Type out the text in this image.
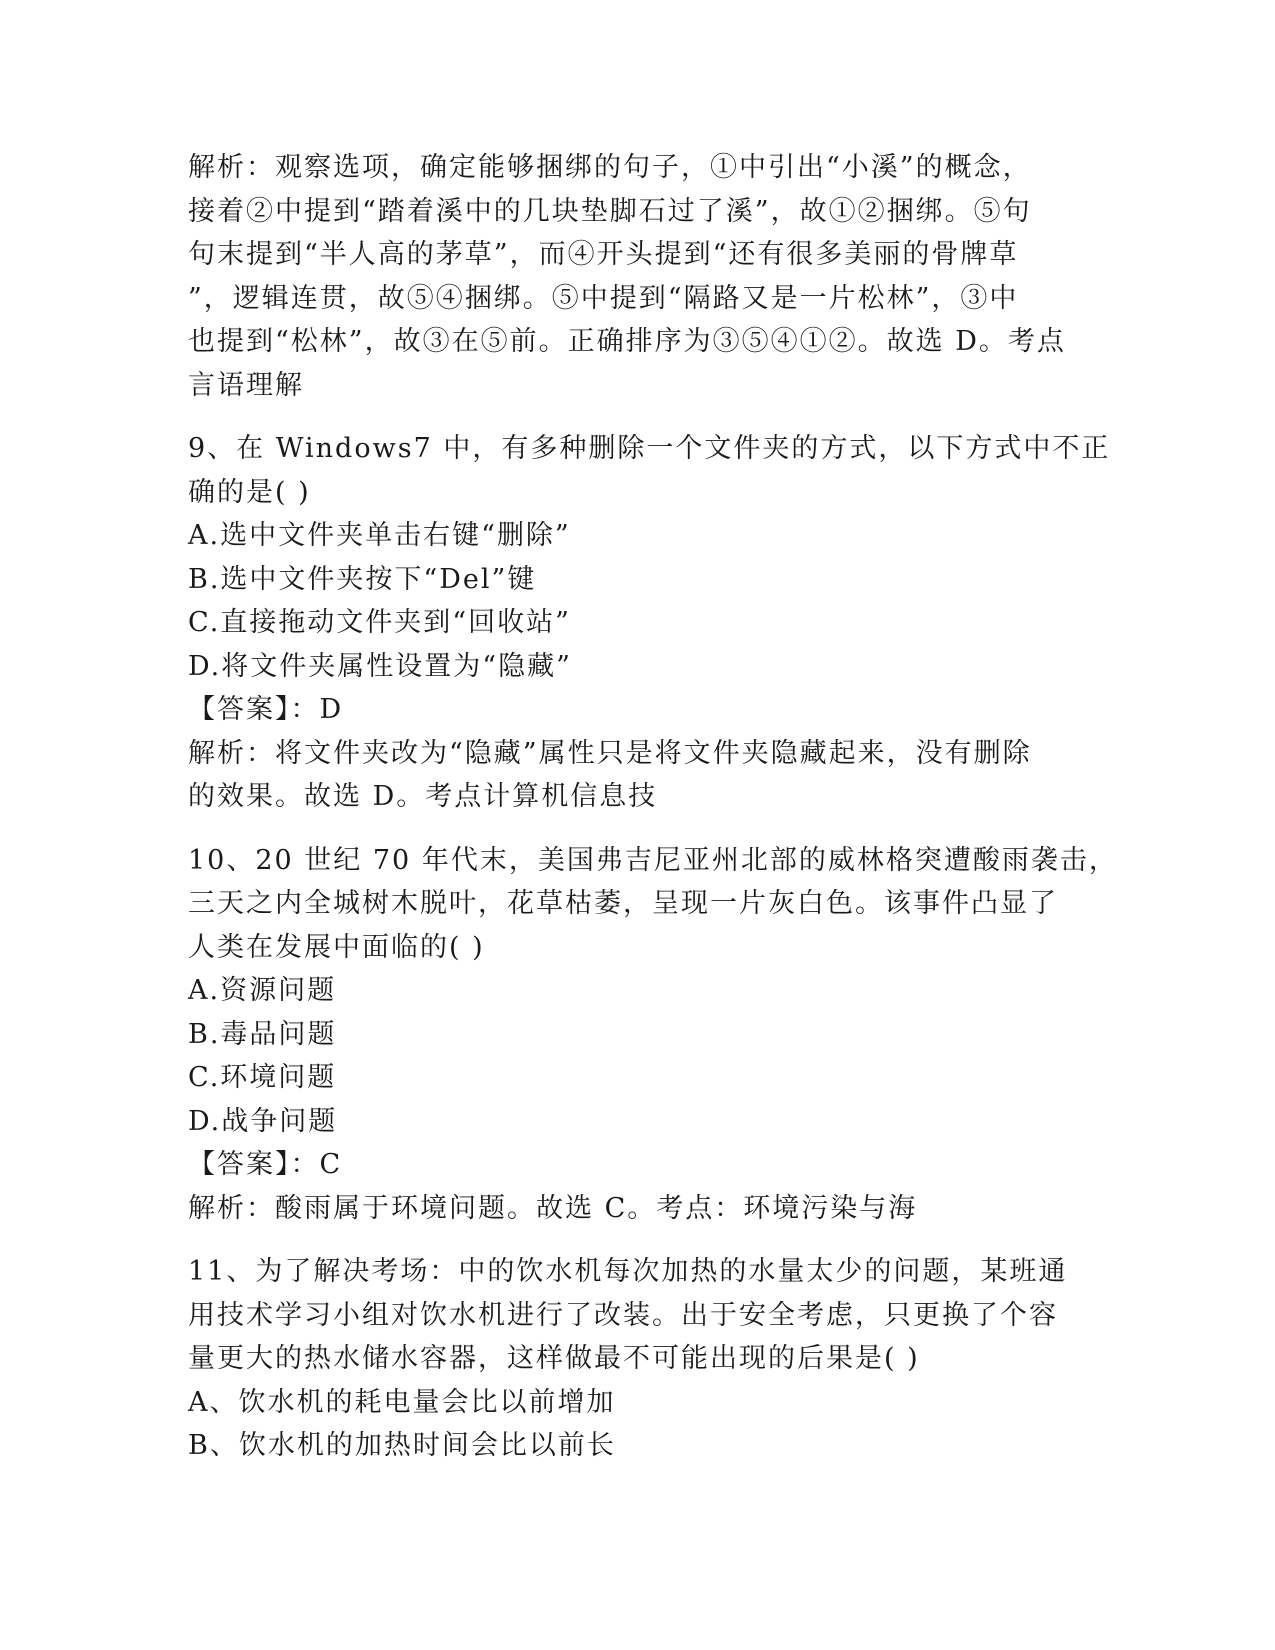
解析：观察选项，确定能够捆绑的句子，①中引出“小溪”的概念，
接着②中提到“踏着溪中的几块垫脚石过了溪”，故①②捆绑。⑤句
句末提到“半人高的茅草”，而④开头提到“还有很多美丽的骨牌草
”，逻辑连贯，故⑤④捆绑。⑤中提到“隔路又是一片松林”，③中
也提到“松林”，故③在⑤前。正确排序为③⑤④①②。故选 D。考点
言语理解
9、在 Windows7 中，有多种删除一个文件夹的方式，以下方式中不正
确的是( )
A.选中文件夹单击右键“删除”
B.选中文件夹按下“Del”键
C.直接拖动文件夹到“回收站”
D.将文件夹属性设置为“隐藏”
【答案】：D
解析：将文件夹改为“隐藏”属性只是将文件夹隐藏起来，没有删除
的效果。故选 D。考点计算机信息技
10、20 世纪 70 年代末，美国弗吉尼亚州北部的威林格突遭酸雨袭击，
三天之内全城树木脱叶，花草枯萎，呈现一片灰白色。该事件凸显了
人类在发展中面临的( )
A.资源问题
B.毒品问题
C.环境问题
D.战争问题
【答案】：C
解析：酸雨属于环境问题。故选 C。考点：环境污染与海
11、为了解决考场：中的饮水机每次加热的水量太少的问题，某班通
用技术学习小组对饮水机进行了改装。出于安全考虑，只更换了个容
量更大的热水储水容器，这样做最不可能出现的后果是( )
A、饮水机的耗电量会比以前增加
B、饮水机的加热时间会比以前长
